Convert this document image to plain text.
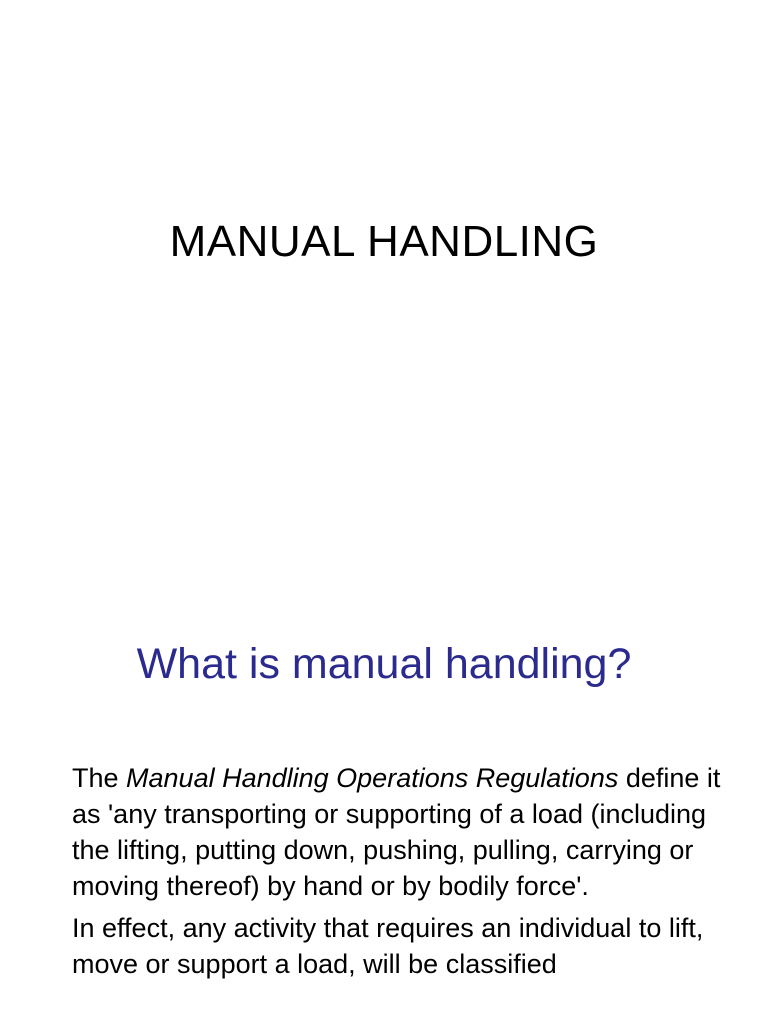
MANUAL HANDLING
What is manual handling?

The Manual Handling Operations Regulations define it as 'any transporting or supporting of a load (including the lifting, putting down, pushing, pulling, carrying or moving thereof) by hand or by bodily force'.

In effect, any activity that requires an individual to lift, move or support a load, will be classified
